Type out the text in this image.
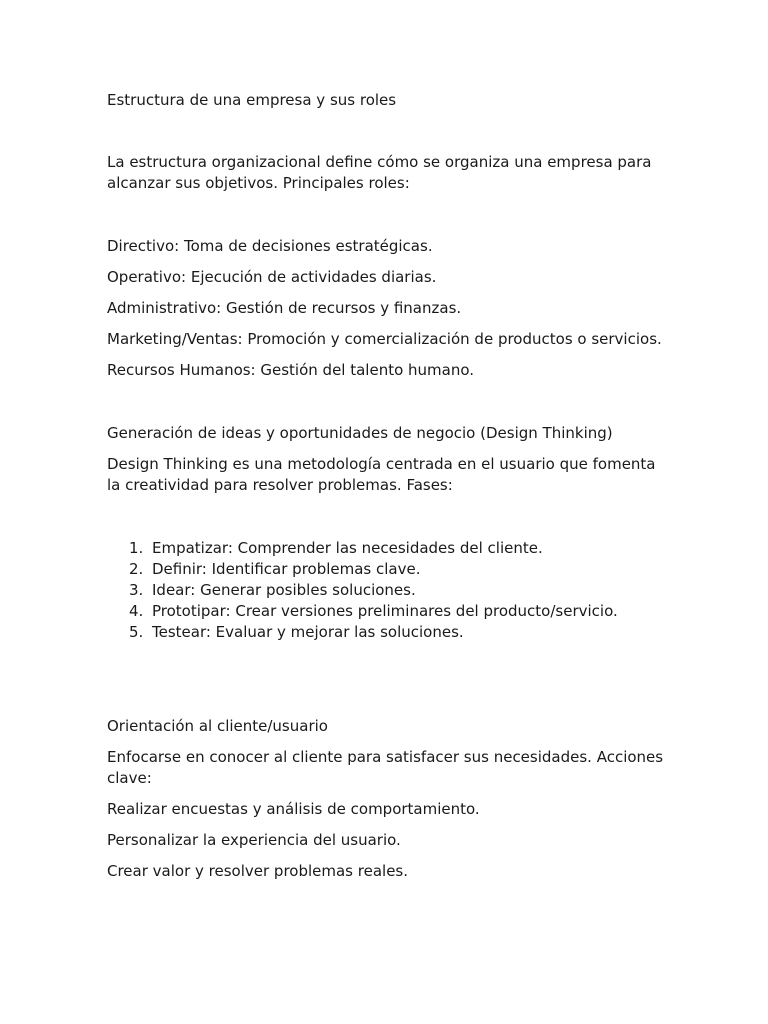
Estructura de una empresa y sus roles

La estructura organizacional define cómo se organiza una empresa para alcanzar sus objetivos. Principales roles:

Directivo: Toma de decisiones estratégicas.

Operativo: Ejecución de actividades diarias.

Administrativo: Gestión de recursos y finanzas.

Marketing/Ventas: Promoción y comercialización de productos o servicios.

Recursos Humanos: Gestión del talento humano.

Generación de ideas y oportunidades de negocio (Design Thinking)

Design Thinking es una metodología centrada en el usuario que fomenta la creatividad para resolver problemas. Fases:

1. Empatizar: Comprender las necesidades del cliente.
2. Definir: Identificar problemas clave.
3. Idear: Generar posibles soluciones.
4. Prototipar: Crear versiones preliminares del producto/servicio.
5. Testear: Evaluar y mejorar las soluciones.

Orientación al cliente/usuario

Enfocarse en conocer al cliente para satisfacer sus necesidades. Acciones clave:

Realizar encuestas y análisis de comportamiento.

Personalizar la experiencia del usuario.

Crear valor y resolver problemas reales.
